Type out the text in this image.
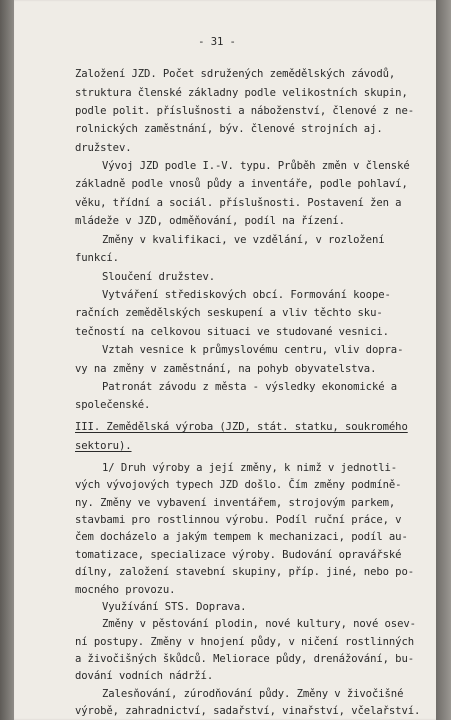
- 31 -
Založení JZD. Počet sdružených zemědělských závodů,
struktura členské základny podle velikostních skupin,
podle polit. příslušnosti a náboženství, členové z ne-
rolnických zaměstnání, býv. členové strojních aj.
družstev.
Vývoj JZD podle I.-V. typu. Průběh změn v členské
základně podle vnosů půdy a inventáře, podle pohlaví,
věku, třídní a sociál. příslušnosti. Postavení žen a
mládeže v JZD, odměňování, podíl na řízení.
Změny v kvalifikaci, ve vzdělání, v rozložení
funkcí.
Sloučení družstev.
Vytváření střediskových obcí. Formování koope-
račních zemědělských seskupení a vliv těchto sku-
tečností na celkovou situaci ve studované vesnici.
Vztah vesnice k průmyslovému centru, vliv dopra-
vy na změny v zaměstnání, na pohyb obyvatelstva.
Patronát závodu z města - výsledky ekonomické a
společenské.
III. Zemědělská výroba (JZD, stát. statku, soukromého
sektoru).
1/ Druh výroby a její změny, k nimž v jednotli-
vých vývojových typech JZD došlo. Čím změny podmíně-
ny. Změny ve vybavení inventářem, strojovým parkem,
stavbami pro rostlinnou výrobu. Podíl ruční práce, v
čem docházelo a jakým tempem k mechanizaci, podíl au-
tomatizace, specializace výroby. Budování opravářské
dílny, založení stavební skupiny, příp. jiné, nebo po-
mocného provozu.
Využívání STS. Doprava.
Změny v pěstování plodin, nové kultury, nové osev-
ní postupy. Změny v hnojení půdy, v ničení rostlinných
a živočišných škůdců. Meliorace půdy, drenážování, bu-
dování vodních nádrží.
Zalesňování, zúrodňování půdy. Změny v živočišné
výrobě, zahradnictví, sadařství, vinařství, včelařství.
